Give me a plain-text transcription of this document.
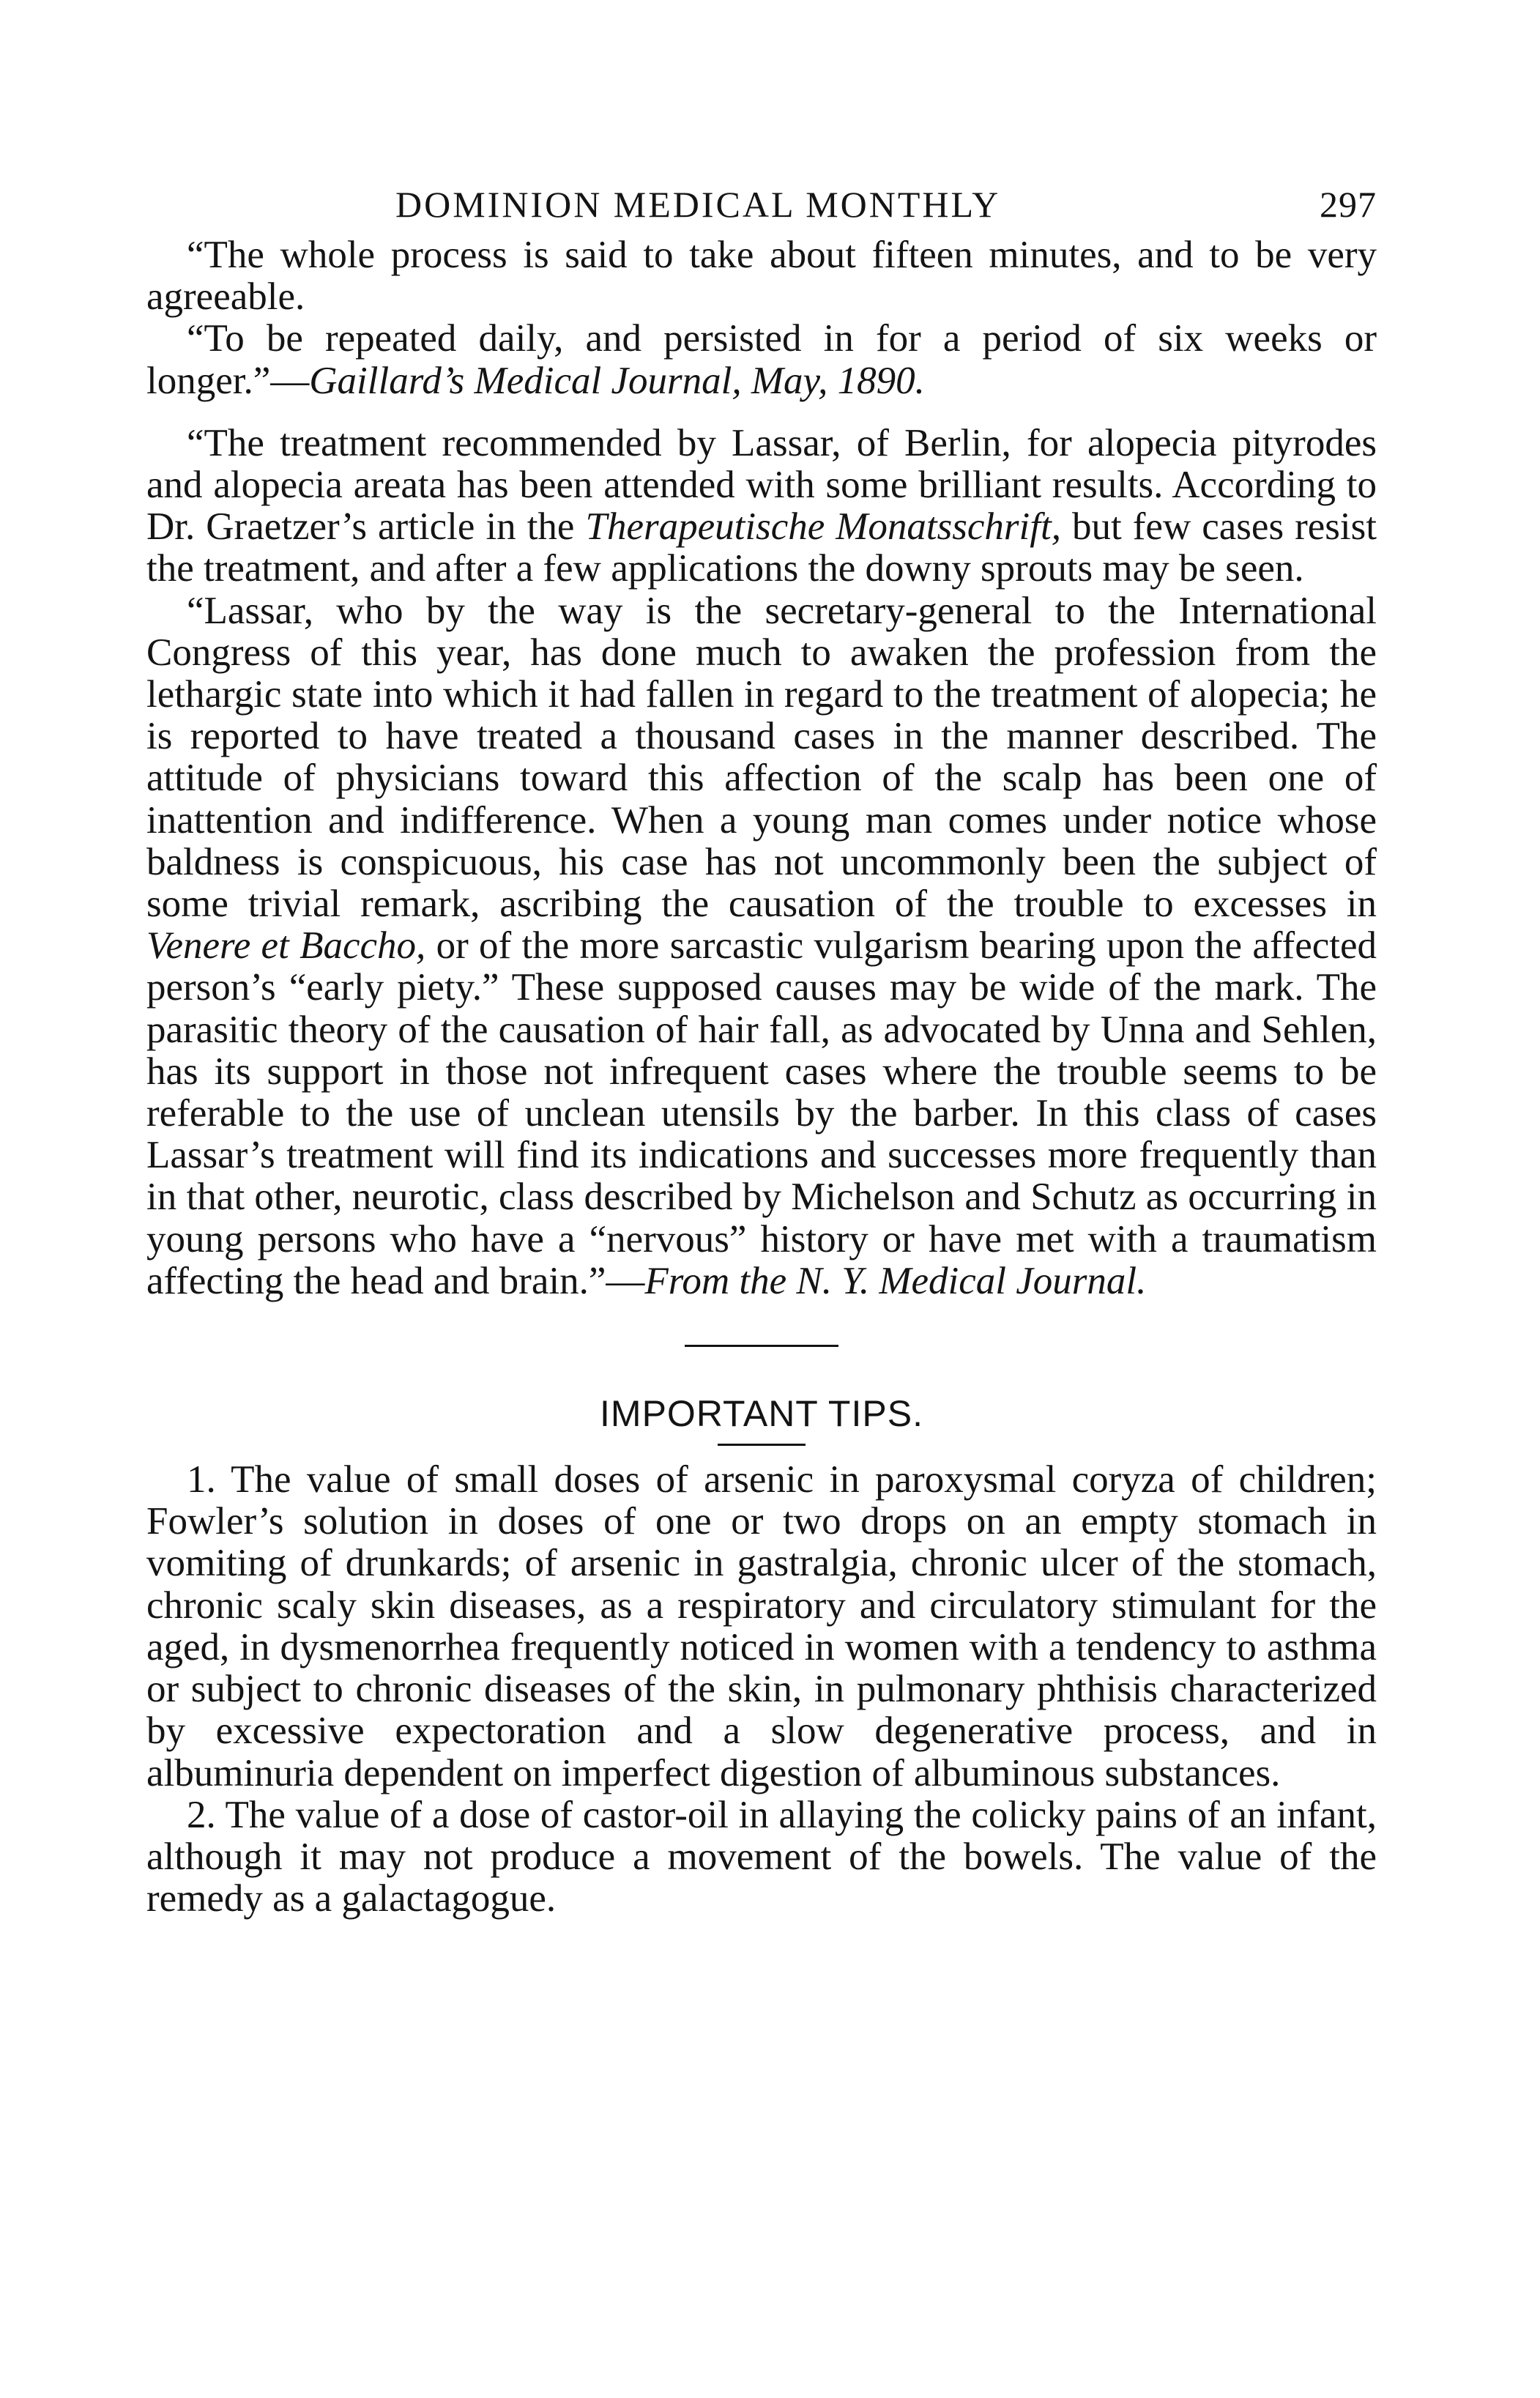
DOMINION MEDICAL MONTHLY	297

“The whole process is said to take about fifteen minutes, and to be very agreeable.

“To be repeated daily, and persisted in for a period of six weeks or longer.”—Gaillard’s Medical Journal, May, 1890.

“The treatment recommended by Lassar, of Berlin, for alopecia pityrodes and alopecia areata has been attended with some brilliant results. According to Dr. Graetzer’s article in the Therapeutische Monatsschrift, but few cases resist the treatment, and after a few applications the downy sprouts may be seen.

“Lassar, who by the way is the secretary-general to the International Congress of this year, has done much to awaken the profession from the lethargic state into which it had fallen in regard to the treatment of alopecia; he is reported to have treated a thousand cases in the manner described. The attitude of physicians toward this affection of the scalp has been one of inattention and indifference. When a young man comes under notice whose baldness is conspicuous, his case has not uncommonly been the subject of some trivial remark, ascribing the causation of the trouble to excesses in Venere et Baccho, or of the more sarcastic vulgarism bearing upon the affected person’s “early piety.” These supposed causes may be wide of the mark. The parasitic theory of the causation of hair fall, as advocated by Unna and Sehlen, has its support in those not infrequent cases where the trouble seems to be referable to the use of unclean utensils by the barber. In this class of cases Lassar’s treatment will find its indications and successes more frequently than in that other, neurotic, class described by Michelson and Schutz as occurring in young persons who have a “nervous” history or have met with a traumatism affecting the head and brain.”—From the N. Y. Medical Journal.

IMPORTANT TIPS.

1. The value of small doses of arsenic in paroxysmal coryza of children; Fowler’s solution in doses of one or two drops on an empty stomach in vomiting of drunkards; of arsenic in gastralgia, chronic ulcer of the stomach, chronic scaly skin diseases, as a respiratory and circulatory stimulant for the aged, in dysmenorrhea frequently noticed in women with a tendency to asthma or subject to chronic diseases of the skin, in pulmonary phthisis characterized by excessive expectoration and a slow degenerative process, and in albuminuria dependent on imperfect digestion of albuminous substances.

2. The value of a dose of castor-oil in allaying the colicky pains of an infant, although it may not produce a movement of the bowels. The value of the remedy as a galactagogue.
